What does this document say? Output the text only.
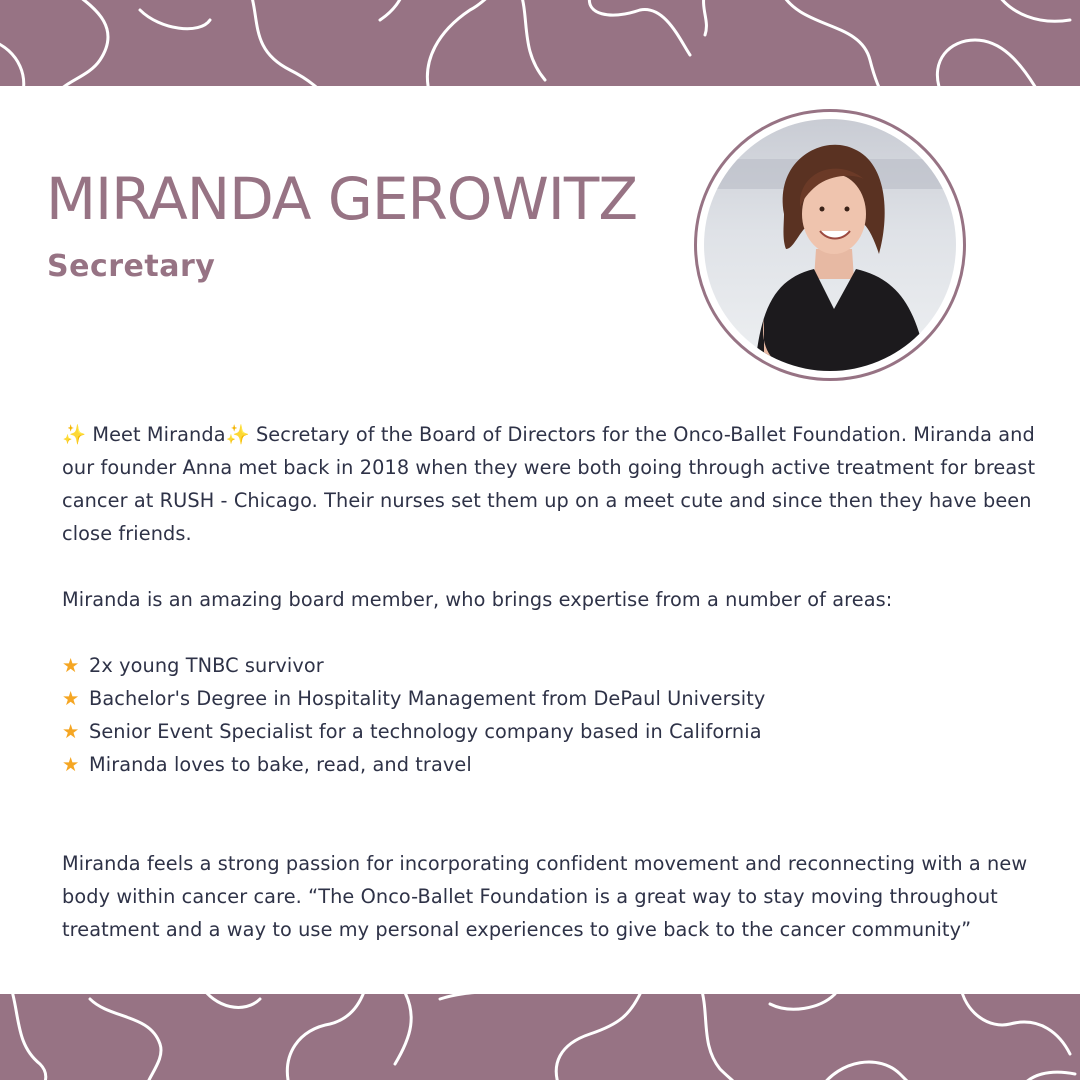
MIRANDA GEROWITZ
Secretary

✨ Meet Miranda✨ Secretary of the Board of Directors for the Onco-Ballet Foundation. Miranda and our founder Anna met back in 2018 when they were both going through active treatment for breast cancer at RUSH - Chicago. Their nurses set them up on a meet cute and since then they have been close friends.

Miranda is an amazing board member, who brings expertise from a number of areas:

★ 2x young TNBC survivor
★ Bachelor's Degree in Hospitality Management from DePaul University
★ Senior Event Specialist for a technology company based in California
★ Miranda loves to bake, read, and travel

Miranda feels a strong passion for incorporating confident movement and reconnecting with a new body within cancer care. “The Onco-Ballet Foundation is a great way to stay moving throughout treatment and a way to use my personal experiences to give back to the cancer community”
